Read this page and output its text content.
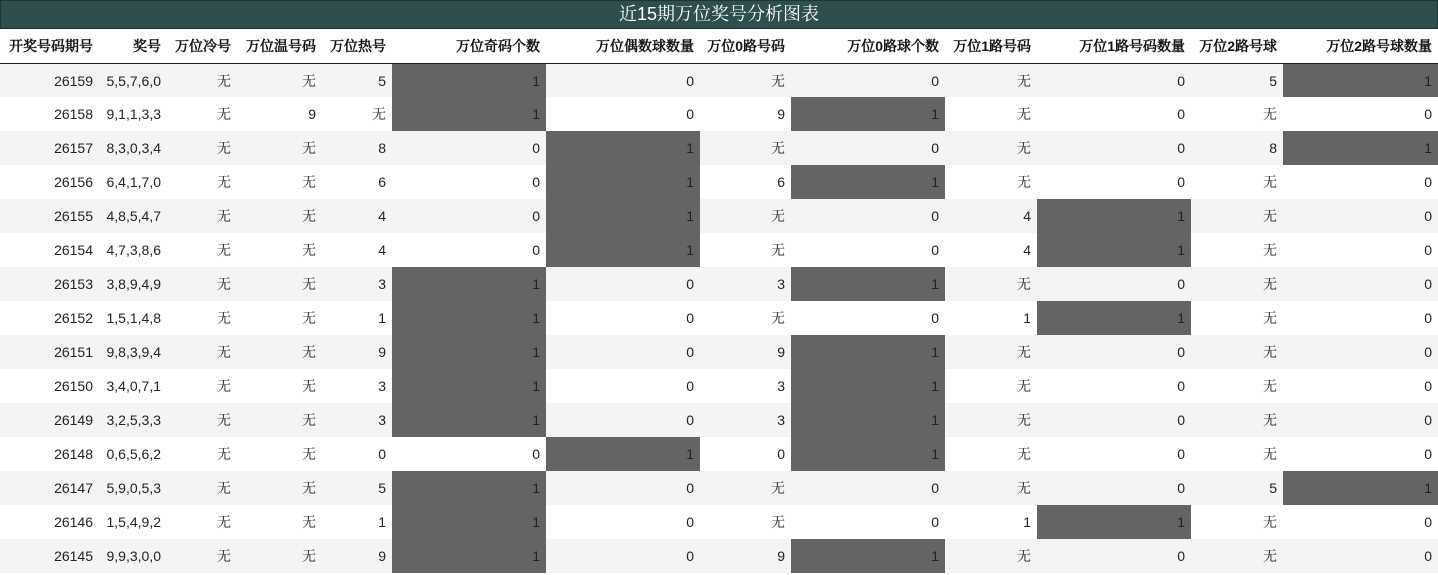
近15期万位奖号分析图表
开奖号码期号	奖号	万位冷号	万位温号码	万位热号	万位奇码个数	万位偶数球数量	万位0路号码	万位0路球个数	万位1路号码	万位1路号码数量	万位2路号球	万位2路号球数量
26159	5,5,7,6,0	无	无	5	1	0	无	0	无	0	5	1
26158	9,1,1,3,3	无	9	无	1	0	9	1	无	0	无	0
26157	8,3,0,3,4	无	无	8	0	1	无	0	无	0	8	1
26156	6,4,1,7,0	无	无	6	0	1	6	1	无	0	无	0
26155	4,8,5,4,7	无	无	4	0	1	无	0	4	1	无	0
26154	4,7,3,8,6	无	无	4	0	1	无	0	4	1	无	0
26153	3,8,9,4,9	无	无	3	1	0	3	1	无	0	无	0
26152	1,5,1,4,8	无	无	1	1	0	无	0	1	1	无	0
26151	9,8,3,9,4	无	无	9	1	0	9	1	无	0	无	0
26150	3,4,0,7,1	无	无	3	1	0	3	1	无	0	无	0
26149	3,2,5,3,3	无	无	3	1	0	3	1	无	0	无	0
26148	0,6,5,6,2	无	无	0	0	1	0	1	无	0	无	0
26147	5,9,0,5,3	无	无	5	1	0	无	0	无	0	5	1
26146	1,5,4,9,2	无	无	1	1	0	无	0	1	1	无	0
26145	9,9,3,0,0	无	无	9	1	0	9	1	无	0	无	0
